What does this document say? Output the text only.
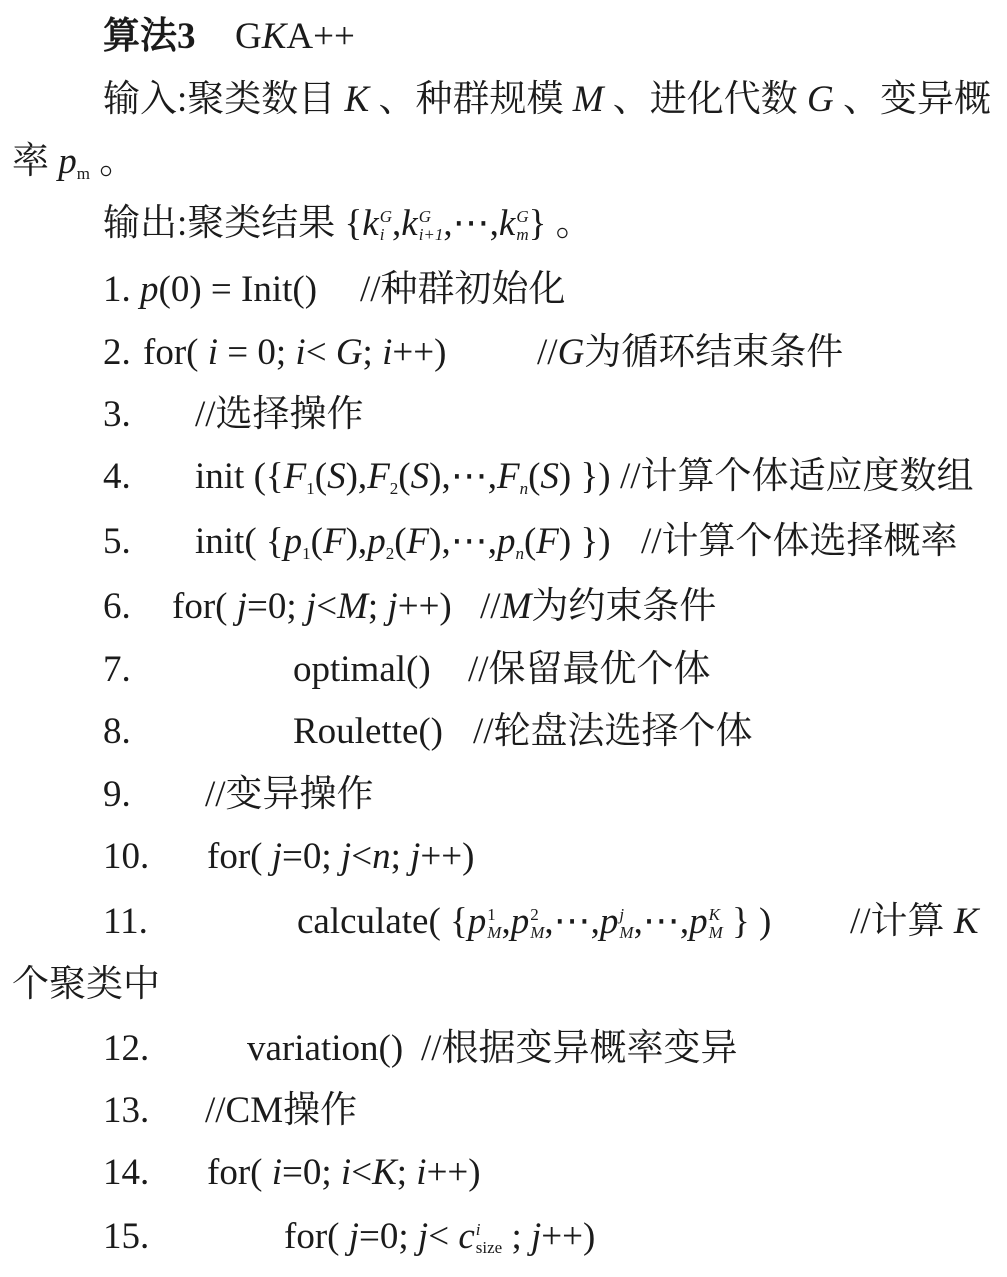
算法3 GKA++
输入:聚类数目 K 、种群规模 M 、进化代数 G 、变异概
率 $p_m$ 。
输出:聚类结果 {k G
i ,k G
i+1 ,⋯,k G
m } 。
1. p(0) = Init() //种群初始化
2. for( i = 0; i< G; i++) //G为循环结束条件
3. //选择操作
4. init ({$F_1(S),F_2(S),\cdots,F_n(S)$ }) //计算个体适应度数组
5. init( {$p_1(F),p_2(F),\cdots,p_n(F)$ }) //计算个体选择概率
6. for( j=0; j<M; j++) //M为约束条件
7.	optimal() //保留最优个体
8.	Roulette() //轮盘法选择个体
9. //变异操作
10. for( j=0; j<n; j++)
11.	calculate( {p 1
M ,p 2
M ,⋯,p j
M ,⋯,p K
M } ) //计算 K
个聚类中
12.	variation() //根据变异概率变异
13. //CM操作
14. for( i=0; i<K; i++)
15.	for( j=0; j< c i
size ; j++)
